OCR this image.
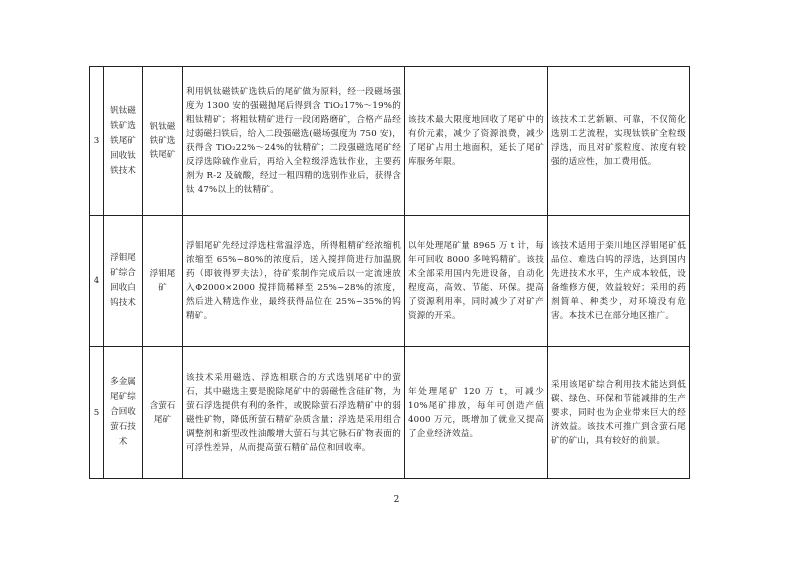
3	钒钛磁铁矿选铁尾矿回收钛铁技术	钒钛磁铁矿选铁尾矿	利用钒钛磁铁矿选铁后的尾矿做为原料，经一段磁场强度为 1300 安的强磁抛尾后得到含 TiO₂17%～19%的粗钛精矿；将粗钛精矿进行一段闭路磨矿，合格产品经过弱磁扫铁后，给入二段强磁选(磁场强度为 750 安)，获得含 TiO₂22%～24%的钛精矿；二段强磁选尾矿经反浮选除硫作业后，再给入全粒级浮选钛作业，主要药剂为 R-2 及硫酸，经过一粗四精的选别作业后，获得含钛 47%以上的钛精矿。	该技术最大限度地回收了尾矿中的有价元素，减少了资源浪费，减少了尾矿占用土地面积，延长了尾矿库服务年限。	该技术工艺新颖、可靠，不仅简化选别工艺流程，实现钛铁矿全粒级浮选，而且对矿浆粒度、浓度有较强的适应性，加工费用低。
4	浮钼尾矿综合回收白钨技术	浮钼尾矿	浮钼尾矿先经过浮选柱常温浮选，所得粗精矿经浓缩机浓缩至 65%~80%的浓度后，送入搅拌筒进行加温脱药（即彼得罗夫法），待矿浆制作完成后以一定流速放入Φ2000×2000 搅拌筒稀释至 25%~28%的浓度，然后进入精选作业，最终获得品位在 25%~35%的钨精矿。	以年处理尾矿量 8965 万 t 计，每年可回收 8000 多吨钨精矿。该技术全部采用国内先进设备，自动化程度高，高效、节能、环保。提高了资源利用率，同时减少了对矿产资源的开采。	该技术适用于栾川地区浮钼尾矿低品位、难选白钨的浮选，达到国内先进技术水平，生产成本较低，设备维修方便，效益较好；采用的药剂简单、种类少，对环境没有危害。本技术已在部分地区推广。
5	多金属尾矿综合回收萤石技术	含萤石尾矿	该技术采用磁选、浮选相联合的方式选别尾矿中的萤石，其中磁选主要是脱除尾矿中的弱磁性含硅矿物，为萤石浮选提供有利的条件，或脱除萤石浮选精矿中的弱磁性矿物，降低所萤石精矿杂质含量；浮选是采用组合调整剂和新型改性油酸增大萤石与其它脉石矿物表面的可浮性差异，从而提高萤石精矿品位和回收率。	年处理尾矿 120 万 t，可减少 10%尾矿排放，每年可创造产值 4000 万元，既增加了就业又提高了企业经济效益。	采用该尾矿综合利用技术能达到低碳、绿色、环保和节能减排的生产要求，同时也为企业带来巨大的经济效益。该技术可推广到含萤石尾矿的矿山，具有较好的前景。
2
